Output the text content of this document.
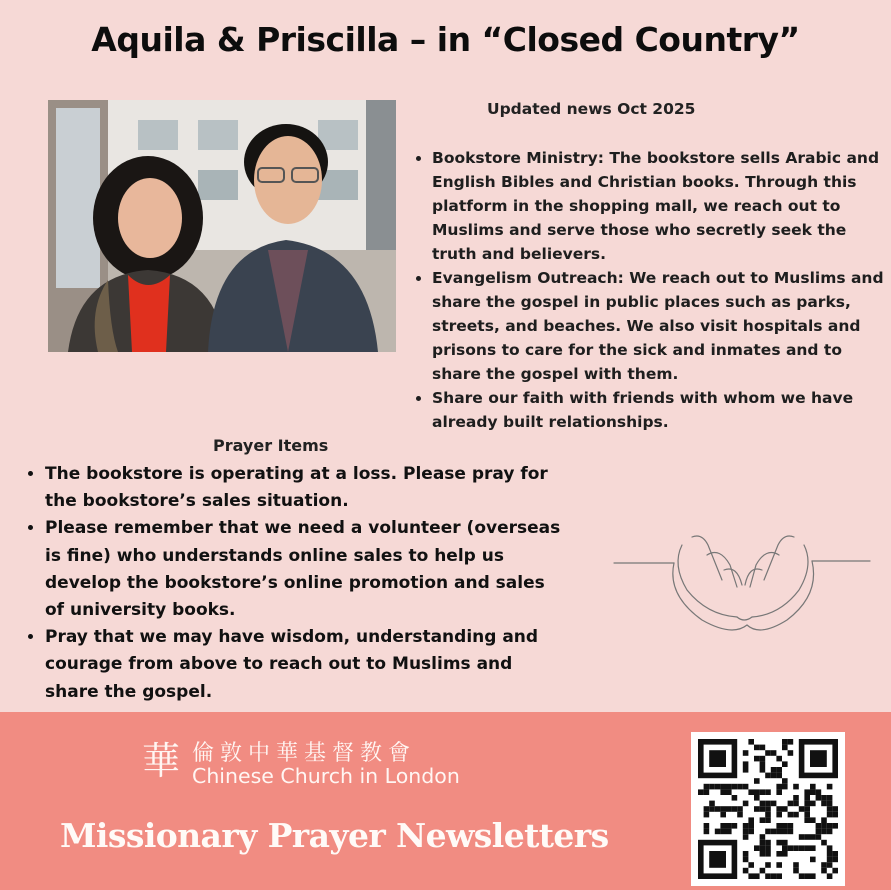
Aquila & Priscilla – in “Closed Country”
Updated news Oct 2025
• Bookstore Ministry: The bookstore sells Arabic and English Bibles and Christian books. Through this platform in the shopping mall, we reach out to Muslims and serve those who secretly seek the truth and believers.
• Evangelism Outreach: We reach out to Muslims and share the gospel in public places such as parks, streets, and beaches. We also visit hospitals and prisons to care for the sick and inmates and to share the gospel with them.
• Share our faith with friends with whom we have already built relationships.
Prayer Items
• The bookstore is operating at a loss. Please pray for the bookstore’s sales situation.
• Please remember that we need a volunteer (overseas is fine) who understands online sales to help us develop the bookstore’s online promotion and sales of university books.
• Pray that we may have wisdom, understanding and courage from above to reach out to Muslims and share the gospel.
華 倫敦中華基督教會
Chinese Church in London
Missionary Prayer Newsletters
